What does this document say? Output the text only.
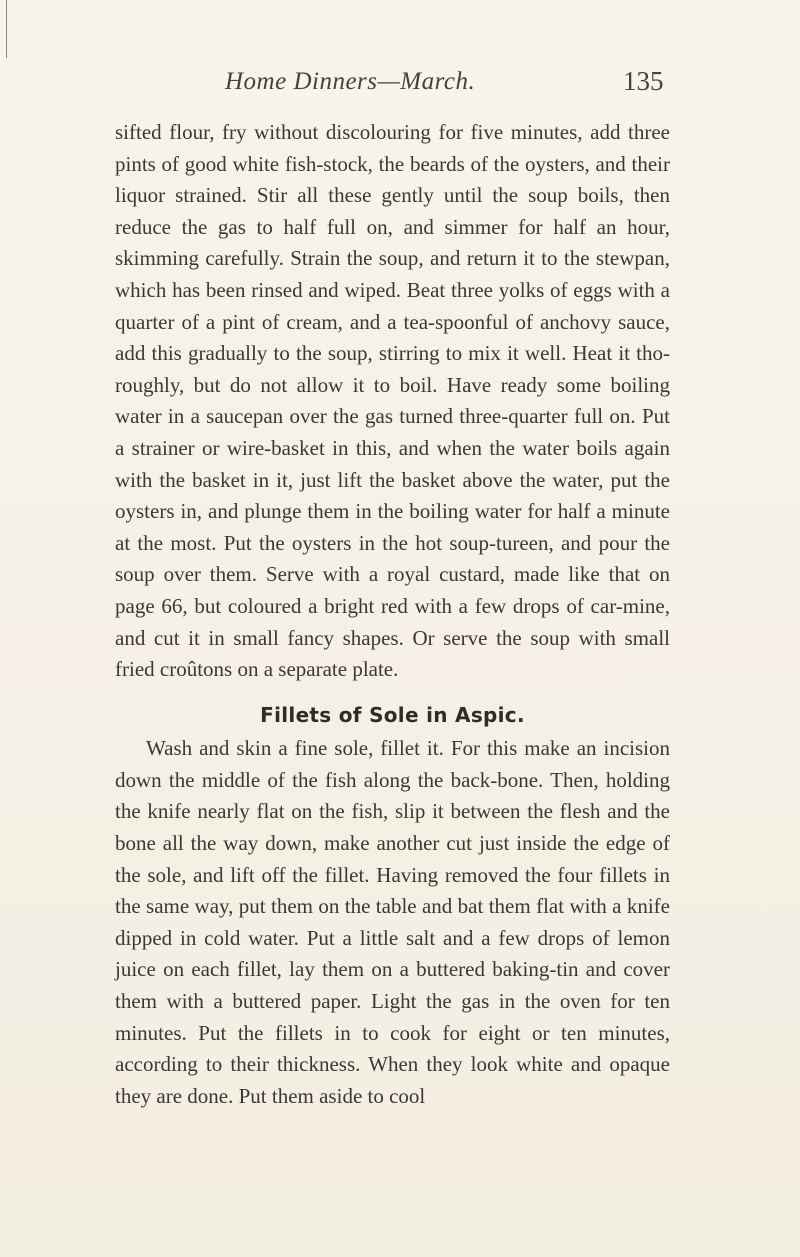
Home Dinners—March.	135

sifted flour, fry without discolouring for five minutes, add three pints of good white fish-stock, the beards of the oysters, and their liquor strained. Stir all these gently until the soup boils, then reduce the gas to half full on, and simmer for half an hour, skimming carefully. Strain the soup, and return it to the stewpan, which has been rinsed and wiped. Beat three yolks of eggs with a quarter of a pint of cream, and a tea-spoonful of anchovy sauce, add this gradually to the soup, stirring to mix it well. Heat it tho-roughly, but do not allow it to boil. Have ready some boiling water in a saucepan over the gas turned three-quarter full on. Put a strainer or wire-basket in this, and when the water boils again with the basket in it, just lift the basket above the water, put the oysters in, and plunge them in the boiling water for half a minute at the most. Put the oysters in the hot soup-tureen, and pour the soup over them. Serve with a royal custard, made like that on page 66, but coloured a bright red with a few drops of car-mine, and cut it in small fancy shapes. Or serve the soup with small fried croûtons on a separate plate.

Fillets of Sole in Aspic.

Wash and skin a fine sole, fillet it. For this make an incision down the middle of the fish along the back-bone. Then, holding the knife nearly flat on the fish, slip it between the flesh and the bone all the way down, make another cut just inside the edge of the sole, and lift off the fillet. Having removed the four fillets in the same way, put them on the table and bat them flat with a knife dipped in cold water. Put a little salt and a few drops of lemon juice on each fillet, lay them on a buttered baking-tin and cover them with a buttered paper. Light the gas in the oven for ten minutes. Put the fillets in to cook for eight or ten minutes, according to their thickness. When they look white and opaque they are done. Put them aside to cool
